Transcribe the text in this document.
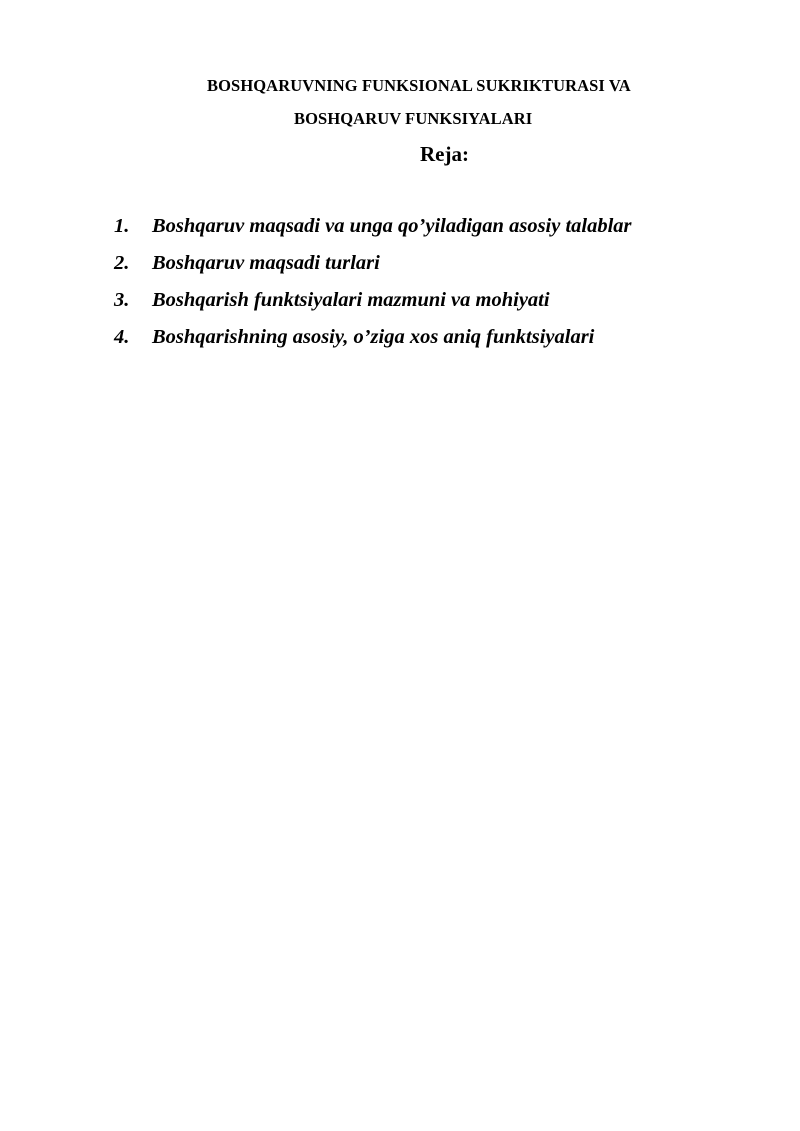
BOSHQARUVNING FUNKSIONAL SUKRIKTURASI VA
BOSHQARUV FUNKSIYALARI
Reja:
1.	Boshqaruv maqsadi va unga qo’yiladigan asosiy talablar
2.	Boshqaruv maqsadi turlari
3.	Boshqarish funktsiyalari mazmuni va mohiyati
4.	Boshqarishning asosiy, o’ziga xos aniq funktsiyalari
